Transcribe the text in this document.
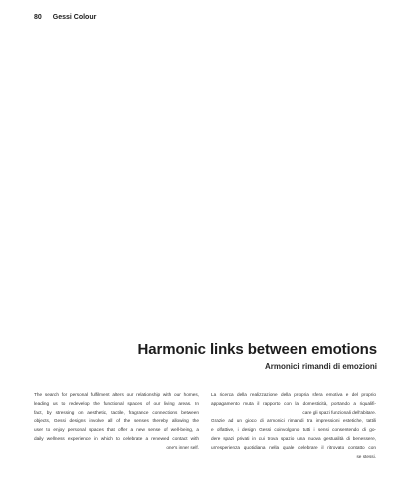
80 Gessi Colour
Harmonic links between emotions
Armonici rimandi di emozioni
The search for personal fulfilment alters our relationship with our homes,
leading us to redevelop the functional spaces of our living areas. In
fact, by stressing on aesthetic, tactile, fragrance connections between
objects, Gessi designs involve all of the senses thereby allowing the
user to enjoy personal spaces that offer a new sense of well-being, a
daily wellness experience in which to celebrate a renewed contact with
one's inner self.
La ricerca della realizzazione della propria sfera emotiva e del proprio
appagamento muta il rapporto con la domesticità, portando a riqualifi-
care gli spazi funzionali dell'abitare.
Grazie ad un gioco di armonici rimandi tra impressioni estetiche, tattili
e olfattive, i design Gessi coinvolgono tutti i sensi consentendo di go-
dere spazi privati in cui trova spazio una nuova gestualità di benessere,
un'esperienza quotidiana nella quale celebrare il ritrovato contatto con
se stessi.
